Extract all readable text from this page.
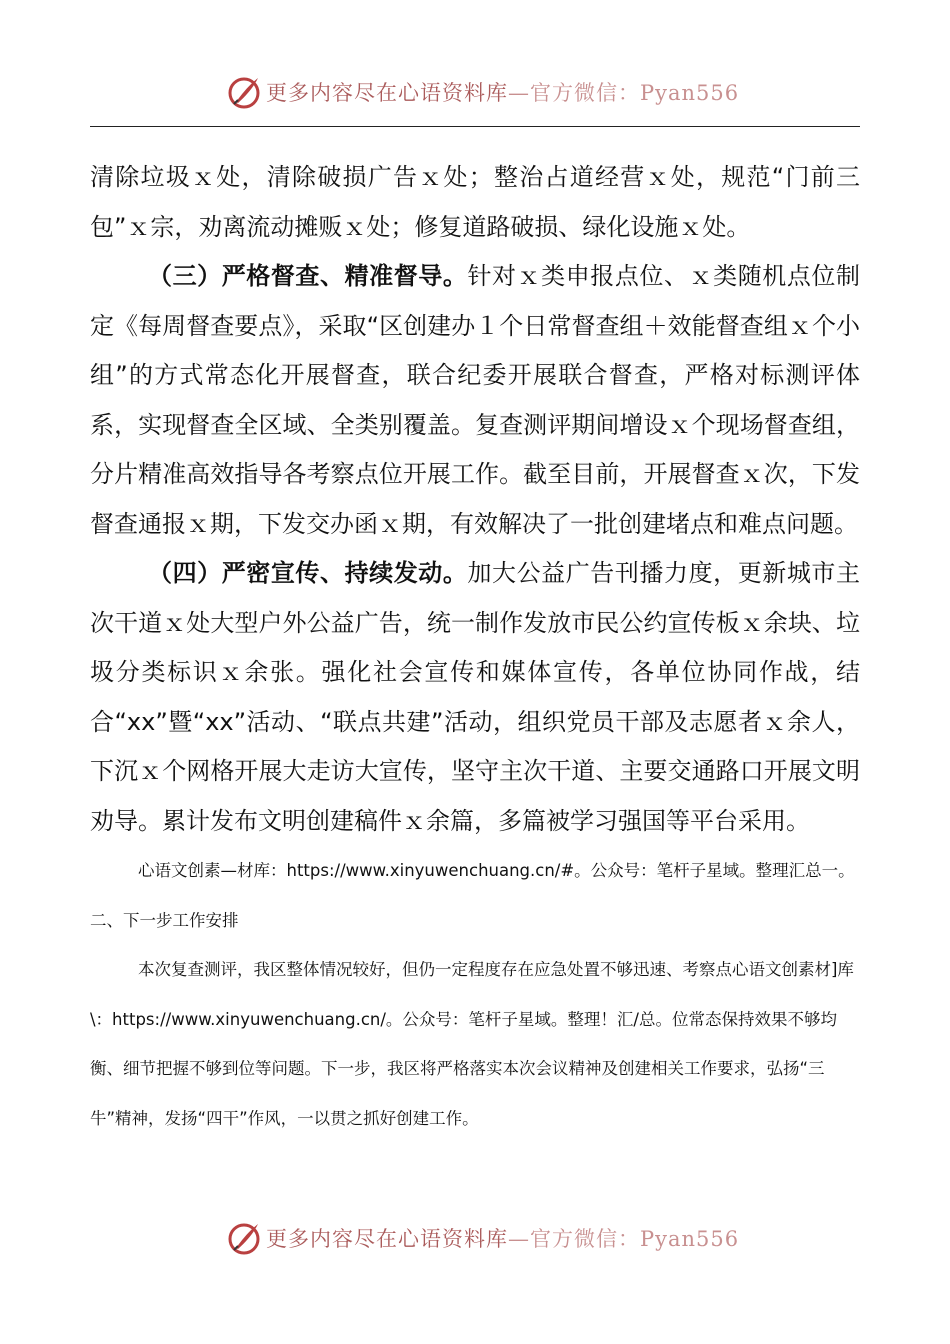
更多内容尽在心语资料库—官方微信：Pyan556

清除垃圾ｘ处，清除破损广告ｘ处；整治占道经营ｘ处，规范“门前三包”ｘ宗，劝离流动摊贩ｘ处；修复道路破损、绿化设施ｘ处。

（三）严格督查、精准督导。针对ｘ类申报点位、ｘ类随机点位制定《每周督查要点》，采取“区创建办１个日常督查组＋效能督查组ｘ个小组”的方式常态化开展督查，联合纪委开展联合督查，严格对标测评体系，实现督查全区域、全类别覆盖。复查测评期间增设ｘ个现场督查组，分片精准高效指导各考察点位开展工作。截至目前，开展督查ｘ次，下发督查通报ｘ期，下发交办函ｘ期，有效解决了一批创建堵点和难点问题。

（四）严密宣传、持续发动。加大公益广告刊播力度，更新城市主次干道ｘ处大型户外公益广告，统一制作发放市民公约宣传板ｘ余块、垃圾分类标识ｘ余张。强化社会宣传和媒体宣传，各单位协同作战，结合“xx”暨“xx”活动、“联点共建”活动，组织党员干部及志愿者ｘ余人，下沉ｘ个网格开展大走访大宣传，坚守主次干道、主要交通路口开展文明劝导。累计发布文明创建稿件ｘ余篇，多篇被学习强国等平台采用。

心语文创素—材库：https://www.xinyuwenchuang.cn/#。公众号：笔杆子星域。整理汇总一。二、下一步工作安排

本次复查测评，我区整体情况较好，但仍一定程度存在应急处置不够迅速、考察点心语文创素材]库\：https://www.xinyuwenchuang.cn/。公众号：笔杆子星域。整理！汇/总。位常态保持效果不够均衡、细节把握不够到位等问题。下一步，我区将严格落实本次会议精神及创建相关工作要求，弘扬“三牛”精神，发扬“四干”作风，一以贯之抓好创建工作。

更多内容尽在心语资料库—官方微信：Pyan556
